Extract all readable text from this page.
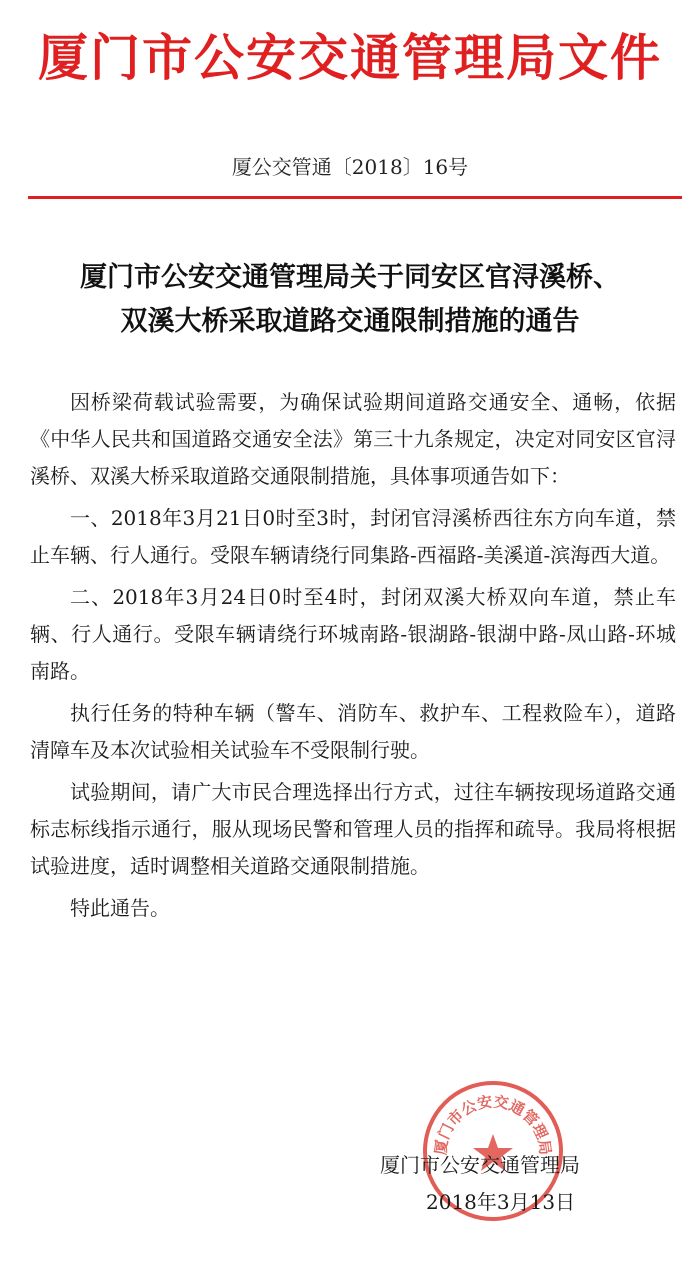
厦门市公安交通管理局文件
厦公交管通〔2018〕16号
厦门市公安交通管理局关于同安区官浔溪桥、
双溪大桥采取道路交通限制措施的通告

因桥梁荷载试验需要，为确保试验期间道路交通安全、通畅，依据《中华人民共和国道路交通安全法》第三十九条规定，决定对同安区官浔溪桥、双溪大桥采取道路交通限制措施，具体事项通告如下：

一、2018年3月21日0时至3时，封闭官浔溪桥西往东方向车道，禁止车辆、行人通行。受限车辆请绕行同集路-西福路-美溪道-滨海西大道。

二、2018年3月24日0时至4时，封闭双溪大桥双向车道，禁止车辆、行人通行。受限车辆请绕行环城南路-银湖路-银湖中路-凤山路-环城南路。

执行任务的特种车辆（警车、消防车、救护车、工程救险车），道路清障车及本次试验相关试验车不受限制行驶。

试验期间，请广大市民合理选择出行方式，过往车辆按现场道路交通标志标线指示通行，服从现场民警和管理人员的指挥和疏导。我局将根据试验进度，适时调整相关道路交通限制措施。

特此通告。

厦门市公安交通管理局
厦门市公安交通管理局
2018年3月13日
